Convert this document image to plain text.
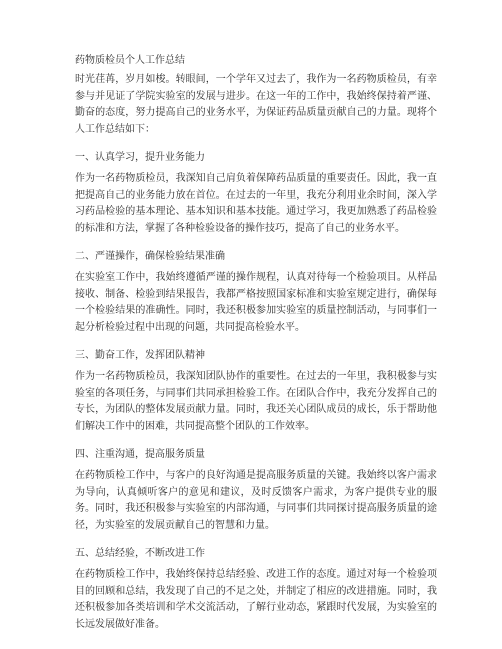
药物质检员个人工作总结

时光荏苒，岁月如梭。转眼间，一个学年又过去了，我作为一名药物质检员，有幸参与并见证了学院实验室的发展与进步。在这一年的工作中，我始终保持着严谨、勤奋的态度，努力提高自己的业务水平，为保证药品质量贡献自己的力量。现将个人工作总结如下：

一、认真学习，提升业务能力

作为一名药物质检员，我深知自己肩负着保障药品质量的重要责任。因此，我一直把提高自己的业务能力放在首位。在过去的一年里，我充分利用业余时间，深入学习药品检验的基本理论、基本知识和基本技能。通过学习，我更加熟悉了药品检验的标准和方法，掌握了各种检验设备的操作技巧，提高了自己的业务水平。

二、严谨操作，确保检验结果准确

在实验室工作中，我始终遵循严谨的操作规程，认真对待每一个检验项目。从样品接收、制备、检验到结果报告，我都严格按照国家标准和实验室规定进行，确保每一个检验结果的准确性。同时，我还积极参加实验室的质量控制活动，与同事们一起分析检验过程中出现的问题，共同提高检验水平。

三、勤奋工作，发挥团队精神

作为一名药物质检员，我深知团队协作的重要性。在过去的一年里，我积极参与实验室的各项任务，与同事们共同承担检验工作。在团队合作中，我充分发挥自己的专长，为团队的整体发展贡献力量。同时，我还关心团队成员的成长，乐于帮助他们解决工作中的困难，共同提高整个团队的工作效率。

四、注重沟通，提高服务质量

在药物质检工作中，与客户的良好沟通是提高服务质量的关键。我始终以客户需求为导向，认真倾听客户的意见和建议，及时反馈客户需求，为客户提供专业的服务。同时，我还积极参与实验室的内部沟通，与同事们共同探讨提高服务质量的途径，为实验室的发展贡献自己的智慧和力量。

五、总结经验，不断改进工作

在药物质检工作中，我始终保持总结经验、改进工作的态度。通过对每一个检验项目的回顾和总结，我发现了自己的不足之处，并制定了相应的改进措施。同时，我还积极参加各类培训和学术交流活动，了解行业动态，紧跟时代发展，为实验室的长远发展做好准备。
